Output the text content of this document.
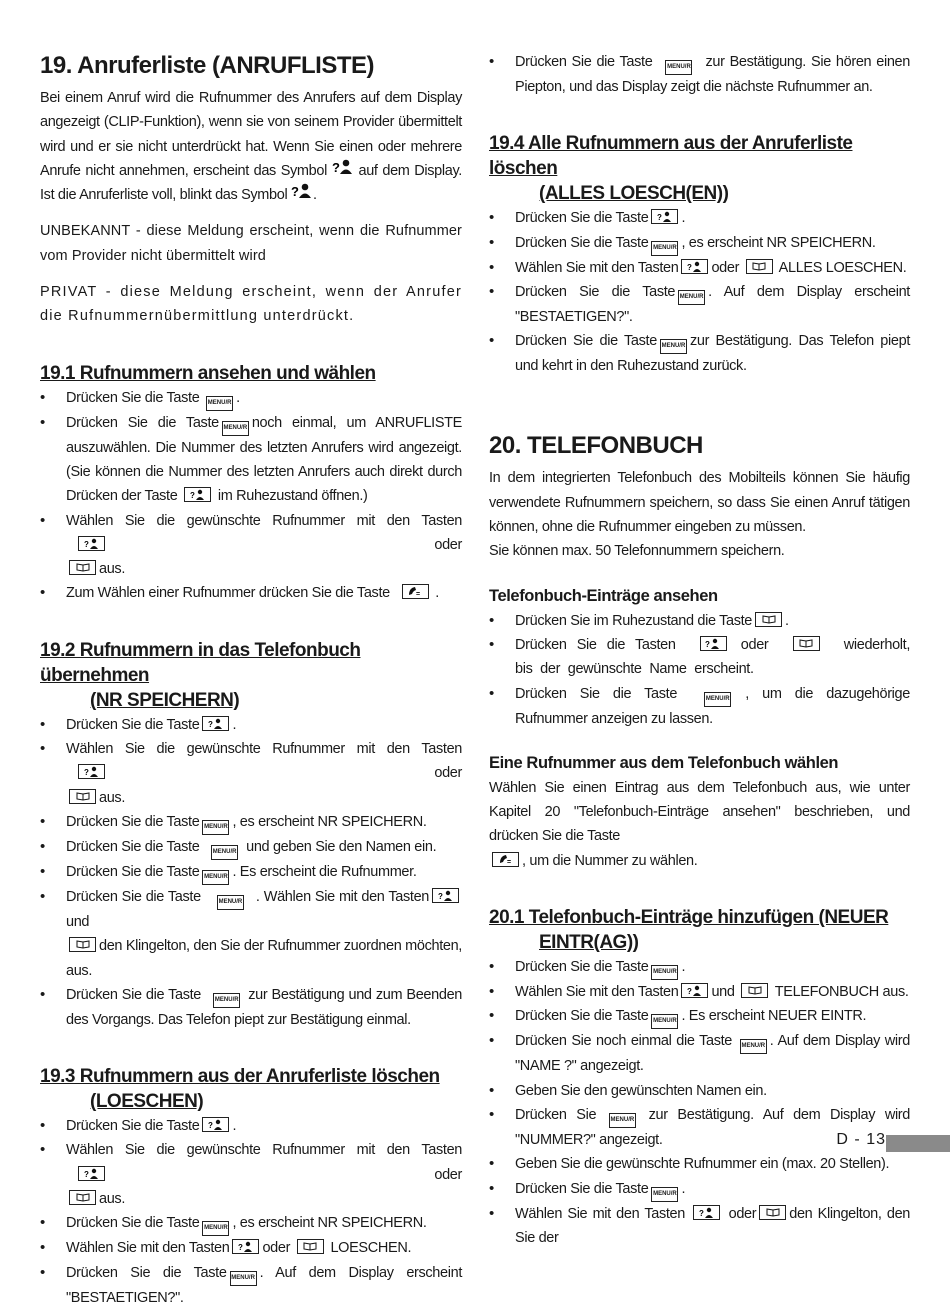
19. Anruferliste (ANRUFLISTE)

Bei einem Anruf wird die Rufnummer des Anrufers auf dem Display angezeigt (CLIP-Funktion), wenn sie von seinem Provider übermittelt wird und er sie nicht unterdrückt hat. Wenn Sie einen oder mehrere Anrufe nicht annehmen, erscheint das Symbol ? auf dem Display. Ist die Anruferliste voll, blinkt das Symbol ? .

UNBEKANNT - diese Meldung erscheint, wenn die Rufnummer vom Provider nicht übermittelt wird

PRIVAT - diese Meldung erscheint, wenn der Anrufer die Rufnummernübermittlung unterdrückt.

19.1 Rufnummern ansehen und wählen
• Drücken Sie die Taste MENU/R .
• Drücken Sie die Taste MENU/R noch einmal, um ANRUFLISTE auszuwählen. Die Nummer des letzten Anrufers wird angezeigt. (Sie können die Nummer des letzten Anrufers auch direkt durch Drücken der Taste ? im Ruhezustand öffnen.)
• Wählen Sie die gewünschte Rufnummer mit den Tasten
?	oder

aus.
• Zum Wählen einer Rufnummer drücken Sie die Taste	= .
19.2 Rufnummern in das Telefonbuch übernehmen
(NR SPEICHERN)
• Drücken Sie die Taste ? .
• Wählen Sie die gewünschte Rufnummer mit den Tasten
?	oder

aus.
• Drücken Sie die Taste MENU/R , es erscheint NR SPEICHERN.
• Drücken Sie die Taste MENU/R und geben Sie den Namen ein.
• Drücken Sie die Taste MENU/R . Es erscheint die Rufnummer.
• Drücken Sie die Taste	MENU/R . Wählen Sie mit den Tasten ?
und

den Klingelton, den Sie der Rufnummer zuordnen möchten, aus.
• Drücken Sie die Taste MENU/R zur Bestätigung und zum Beenden des Vorgangs. Das Telefon piept zur Bestätigung einmal.
19.3 Rufnummern aus der Anruferliste löschen
(LOESCHEN)
• Drücken Sie die Taste ? .
• Wählen Sie die gewünschte Rufnummer mit den Tasten
?	oder

aus.
• Drücken Sie die Taste MENU/R , es erscheint NR SPEICHERN.
• Wählen Sie mit den Tasten ? oder	LOESCHEN.
• Drücken Sie die Taste MENU/R . Auf dem Display erscheint "BESTAETIGEN?".
• Drücken Sie die Taste MENU/R zur Bestätigung. Sie hören einen Piepton, und das Display zeigt die nächste Rufnummer an.
19.4 Alle Rufnummern aus der Anruferliste löschen
(ALLES LOESCH(EN))
• Drücken Sie die Taste ? .
• Drücken Sie die Taste MENU/R , es erscheint NR SPEICHERN.
• Wählen Sie mit den Tasten ? oder	ALLES LOESCHEN.
• Drücken Sie die Taste MENU/R . Auf dem Display erscheint "BESTAETIGEN?".
• Drücken Sie die Taste MENU/R zur Bestätigung. Das Telefon piept und kehrt in den Ruhezustand zurück.
20. TELEFONBUCH

In dem integrierten Telefonbuch des Mobilteils können Sie häufig verwendete Rufnummern speichern, so dass Sie einen Anruf tätigen können, ohne die Rufnummer eingeben zu müssen.

Sie können max. 50 Telefonnummern speichern.

Telefonbuch-Einträge ansehen
• Drücken Sie im Ruhezustand die Taste .
• Drücken Sie die Tasten	? oder	wiederholt, bis der gewünschte Name erscheint.
• Drücken Sie die Taste	MENU/R , um die dazugehörige Rufnummer anzeigen zu lassen.
Eine Rufnummer aus dem Telefonbuch wählen

Wählen Sie einen Eintrag aus dem Telefonbuch aus, wie unter Kapitel 20 "Telefonbuch-Einträge ansehen" beschrieben, und drücken Sie die Taste

= , um die Nummer zu wählen.

20.1 Telefonbuch-Einträge hinzufügen (NEUER
EINTR(AG))
• Drücken Sie die Taste MENU/R .
• Wählen Sie mit den Tasten ? und	TELEFONBUCH aus.
• Drücken Sie die Taste MENU/R . Es erscheint NEUER EINTR.
• Drücken Sie noch einmal die Taste MENU/R . Auf dem Display wird "NAME ?" angezeigt.
• Geben Sie den gewünschten Namen ein.
• Drücken Sie MENU/R zur Bestätigung. Auf dem Display wird "NUMMER?" angezeigt.
• Geben Sie die gewünschte Rufnummer ein (max. 20 Stellen).
• Drücken Sie die Taste MENU/R .
• Wählen Sie mit den Tasten ? oder den Klingelton, den Sie der
D - 13
